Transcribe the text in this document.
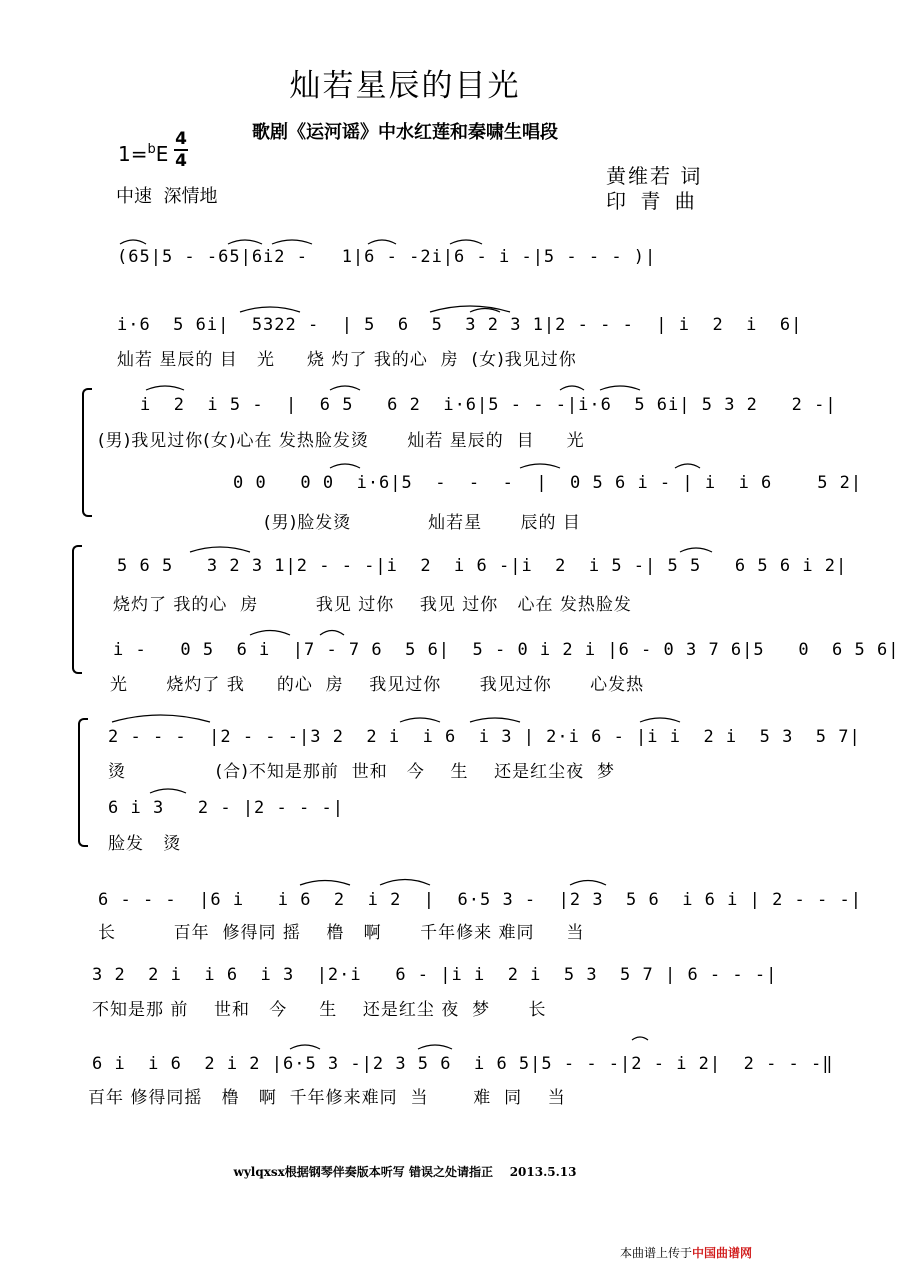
灿若星辰的目光
歌剧《运河谣》中水红莲和秦啸生唱段
1=$^b$E
4
4
中速  深情地
黄维若 词
印 青 曲
(65|5 - -65|6i2 -   1|6 - -2i|6 - i -|5 - - - )|
i·6  5 6i|  5322 -  | 5  6  5  3 2 3 1|2 - - -  | i  2  i  6|
灿若 星辰的 目   光     烧 灼了 我的心  房  (女)我见过你
i  2  i 5 -  |  6 5   6 2  i·6|5 - - -|i·6  5 6i| 5 3 2   2 -|
(男)我见过你(女)心在 发热脸发烫      灿若 星辰的  目     光
0 0   0 0  i·6|5  -  -  -  |  0 5 6 i - | i  i 6    5 2|
(男)脸发烫            灿若星      辰的 目
5 6 5   3 2 3 1|2 - - -|i  2  i 6 -|i  2  i 5 -| 5 5   6 5 6 i 2|
烧灼了 我的心  房         我见 过你    我见 过你   心在 发热脸发
i -   0 5  6 i  |7 - 7 6  5 6|  5 - 0 i 2 i |6 - 0 3 7 6|5   0  6 5 6|
光      烧灼了 我     的心  房    我见过你      我见过你      心发热
2 - - -  |2 - - -|3 2  2 i  i 6  i 3 | 2·i 6 - |i i  2 i  5 3  5 7|
烫              (合)不知是那前  世和   今    生    还是红尘夜  梦
6 i 3   2 - |2 - - -|
脸发   烫
6 - - -  |6 i   i 6  2  i 2  |  6·5 3 -  |2 3  5 6  i 6 i | 2 - - -|
长         百年  修得同 摇    橹   啊      千年修来 难同     当
3 2  2 i  i 6  i 3  |2·i   6 - |i i  2 i  5 3  5 7 | 6 - - -|
不知是那 前    世和   今     生    还是红尘 夜  梦      长
6 i  i 6  2 i 2 |6·5 3 -|2 3 5 6  i 6 5|5 - - -|2 - i 2|  2 - - -‖
百年 修得同摇   橹   啊  千年修来难同  当       难  同    当
wylqxsx根据钢琴伴奏版本听写 错误之处请指正    2013.5.13
本曲谱上传于中国曲谱网
